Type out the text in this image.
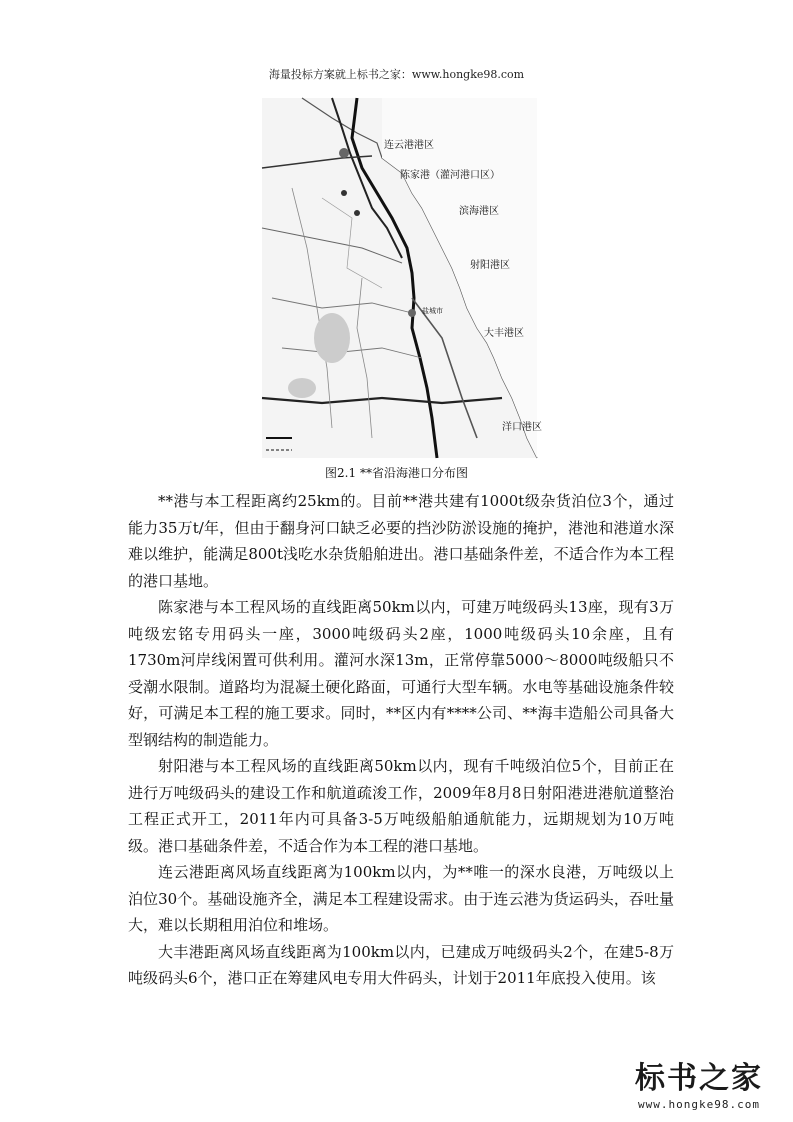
海量投标方案就上标书之家：www.hongke98.com
连云港港区
陈家港（灌河港口区）
滨海港区
射阳港区
盐城市
大丰港区
洋口港区
图2.1 **省沿海港口分布图

**港与本工程距离约25km的。目前**港共建有1000t级杂货泊位3个，通过能力35万t/年，但由于翻身河口缺乏必要的挡沙防淤设施的掩护，港池和港道水深难以维护，能满足800t浅吃水杂货船舶进出。港口基础条件差，不适合作为本工程的港口基地。

陈家港与本工程风场的直线距离50km以内，可建万吨级码头13座，现有3万吨级宏铭专用码头一座，3000吨级码头2座，1000吨级码头10余座，且有1730m河岸线闲置可供利用。灌河水深13m，正常停靠5000～8000吨级船只不受潮水限制。道路均为混凝土硬化路面，可通行大型车辆。水电等基础设施条件较好，可满足本工程的施工要求。同时，**区内有****公司、**海丰造船公司具备大型钢结构的制造能力。

射阳港与本工程风场的直线距离50km以内，现有千吨级泊位5个，目前正在进行万吨级码头的建设工作和航道疏浚工作，2009年8月8日射阳港进港航道整治工程正式开工，2011年内可具备3-5万吨级船舶通航能力，远期规划为10万吨级。港口基础条件差，不适合作为本工程的港口基地。

连云港距离风场直线距离为100km以内，为**唯一的深水良港，万吨级以上泊位30个。基础设施齐全，满足本工程建设需求。由于连云港为货运码头，吞吐量大，难以长期租用泊位和堆场。

大丰港距离风场直线距离为100km以内，已建成万吨级码头2个，在建5-8万吨级码头6个，港口正在筹建风电专用大件码头，计划于2011年底投入使用。该

标书之家
www.hongke98.com
